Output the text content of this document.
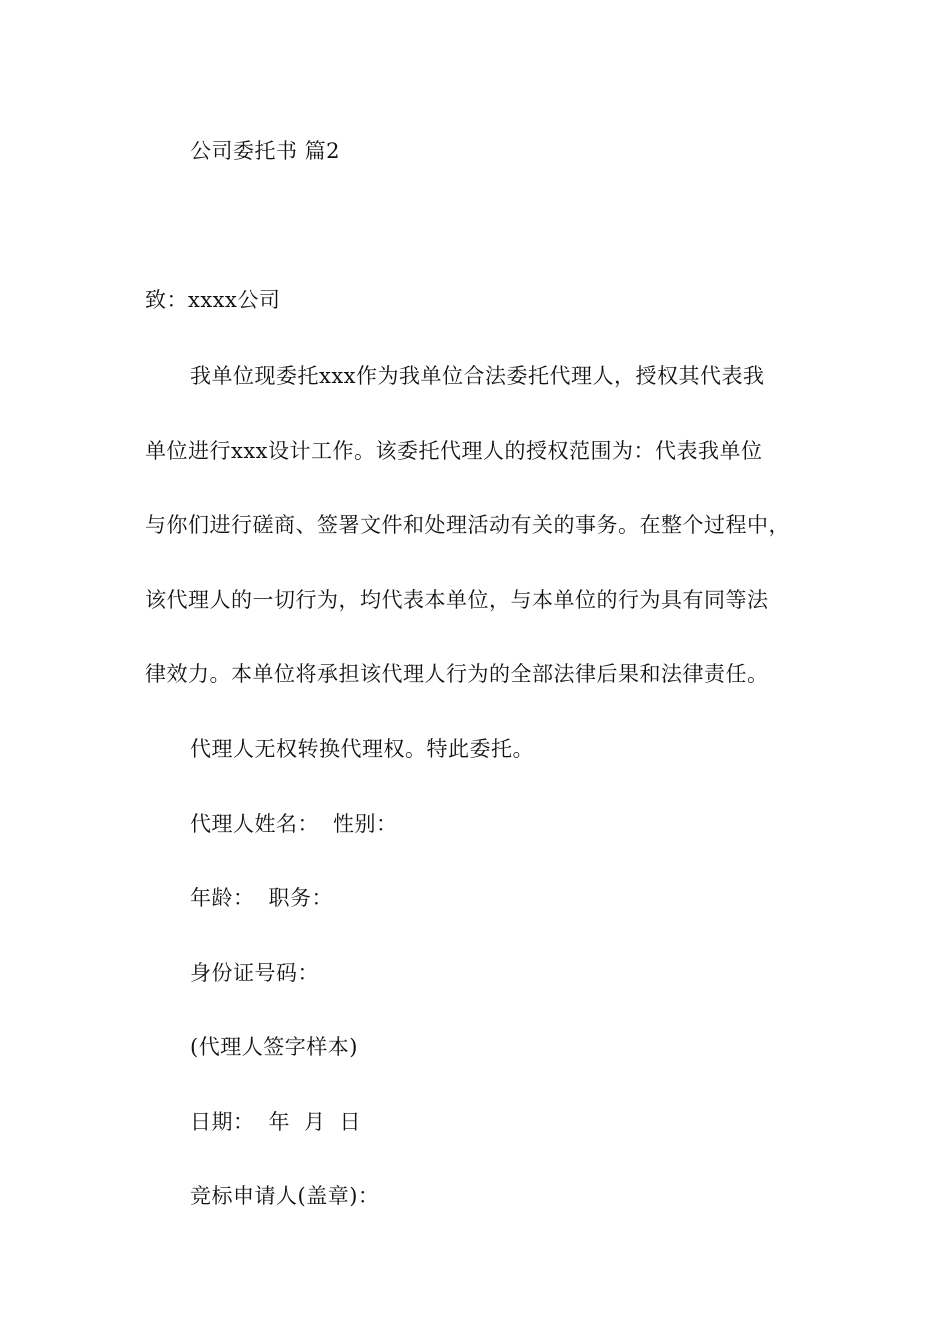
公司委托书 篇2
致：xxxx公司
我单位现委托xxx作为我单位合法委托代理人，授权其代表我
单位进行xxx设计工作。该委托代理人的授权范围为：代表我单位
与你们进行磋商、签署文件和处理活动有关的事务。在整个过程中，
该代理人的一切行为，均代表本单位，与本单位的行为具有同等法
律效力。本单位将承担该代理人行为的全部法律后果和法律责任。
代理人无权转换代理权。特此委托。
代理人姓名： 性别：
年龄： 职务：
身份证号码：
(代理人签字样本)
日期： 年 月 日
竞标申请人(盖章)：
